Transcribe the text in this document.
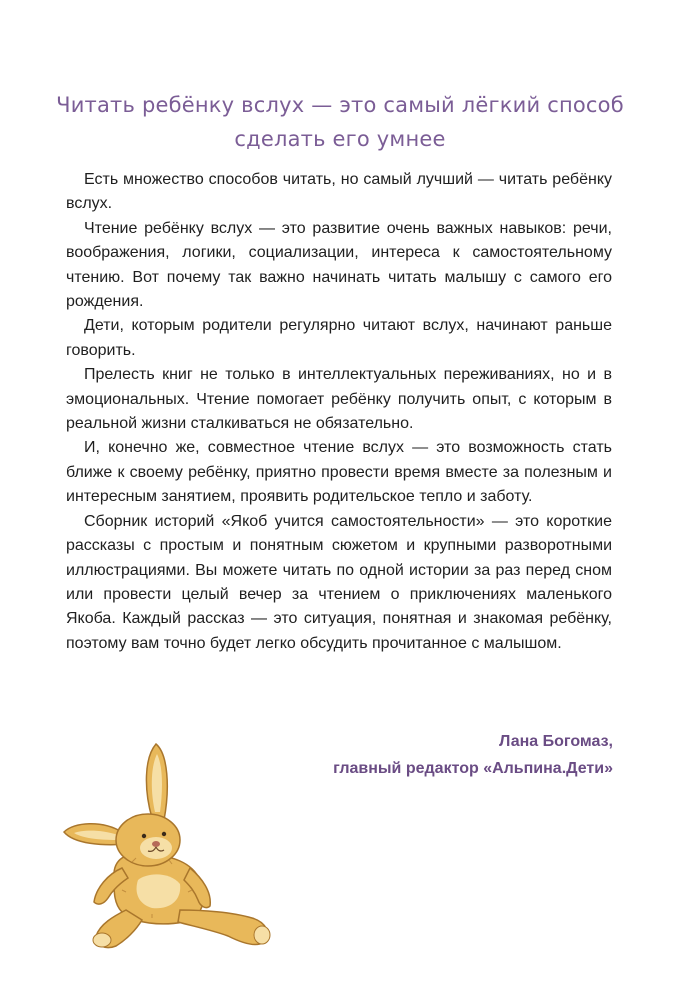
Читать ребёнку вслух — это самый лёгкий способ
сделать его умнее

Есть множество способов читать, но самый лучший — читать ребёнку вслух.

Чтение ребёнку вслух — это развитие очень важных навыков: речи, воображения, логики, социализации, интереса к самостоятельному чтению. Вот почему так важно начинать читать малышу с самого его рождения.

Дети, которым родители регулярно читают вслух, начинают раньше говорить.

Прелесть книг не только в интеллектуальных переживаниях, но и в эмоциональных. Чтение помогает ребёнку получить опыт, с которым в реальной жизни сталкиваться не обязательно.

И, конечно же, совместное чтение вслух — это возможность стать ближе к своему ребёнку, приятно провести время вместе за полезным и интересным занятием, проявить родительское тепло и заботу.

Сборник историй «Якоб учится самостоятельности» — это короткие рассказы с простым и понятным сюжетом и крупными разворотными иллюстрациями. Вы можете читать по одной истории за раз перед сном или провести целый вечер за чтением о приключениях маленького Якоба. Каждый рассказ — это ситуация, понятная и знакомая ребёнку, поэтому вам точно будет легко обсудить прочитанное с малышом.

Лана Богомаз,
главный редактор «Альпина.Дети»
